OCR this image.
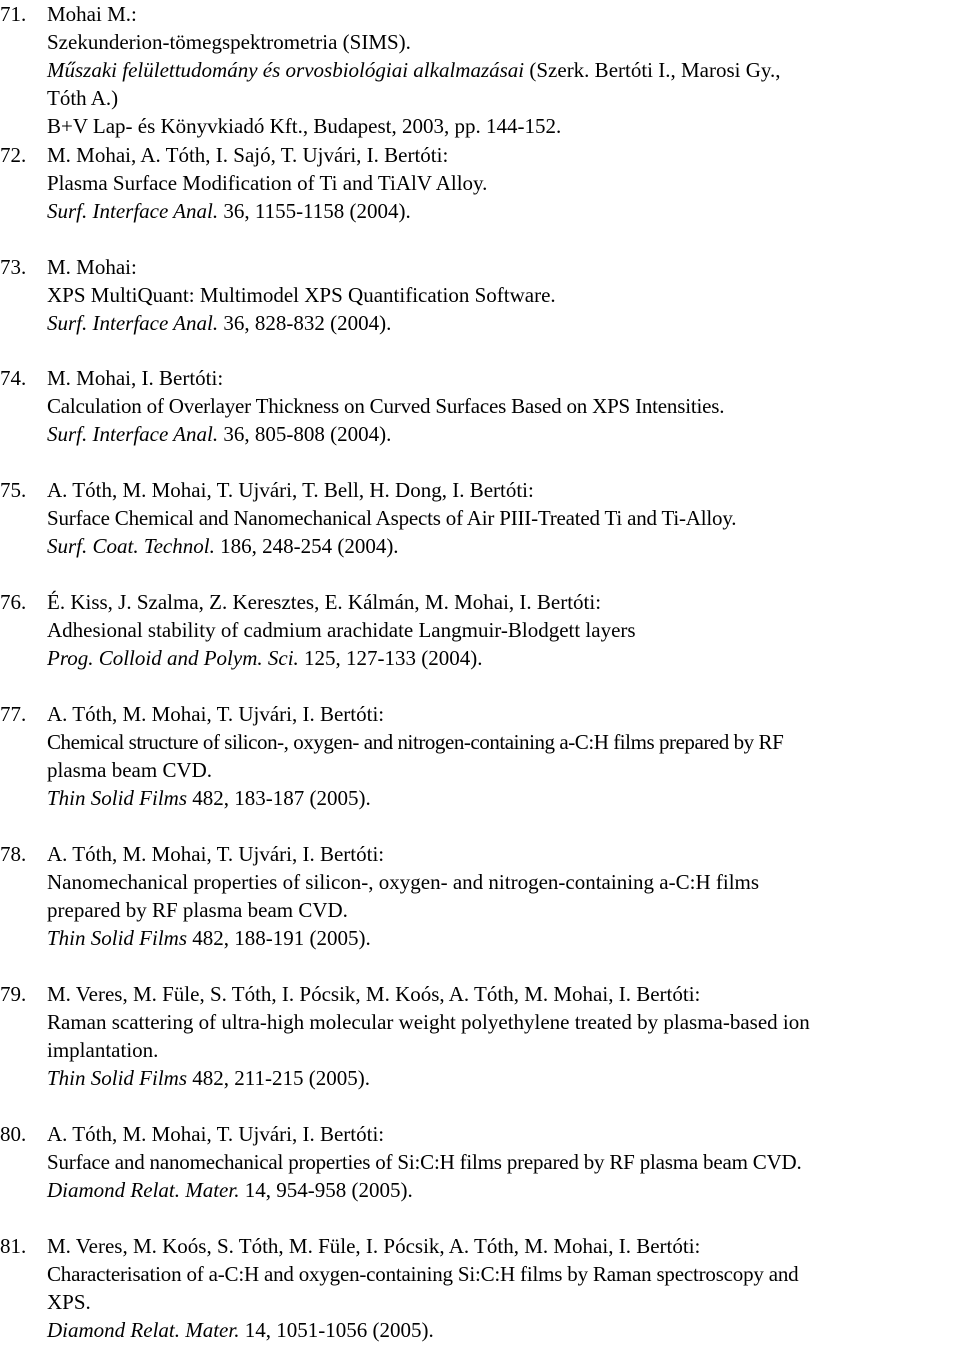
71. Mohai M.:
Szekunderion-tömegspektrometria (SIMS).
Műszaki felülettudomány és orvosbiológiai alkalmazásai (Szerk. Bertóti I., Marosi Gy.,
Tóth A.)
B+V Lap- és Könyvkiadó Kft., Budapest, 2003, pp. 144-152.
72. M. Mohai, A. Tóth, I. Sajó, T. Ujvári, I. Bertóti:
Plasma Surface Modification of Ti and TiAlV Alloy.
Surf. Interface Anal. 36, 1155-1158 (2004).
73. M. Mohai:
XPS MultiQuant: Multimodel XPS Quantification Software.
Surf. Interface Anal. 36, 828-832 (2004).
74. M. Mohai, I. Bertóti:
Calculation of Overlayer Thickness on Curved Surfaces Based on XPS Intensities.
Surf. Interface Anal. 36, 805-808 (2004).
75. A. Tóth, M. Mohai, T. Ujvári, T. Bell, H. Dong, I. Bertóti:
Surface Chemical and Nanomechanical Aspects of Air PIII-Treated Ti and Ti-Alloy.
Surf. Coat. Technol. 186, 248-254 (2004).
76. É. Kiss, J. Szalma, Z. Keresztes, E. Kálmán, M. Mohai, I. Bertóti:
Adhesional stability of cadmium arachidate Langmuir-Blodgett layers
Prog. Colloid and Polym. Sci. 125, 127-133 (2004).
77. A. Tóth, M. Mohai, T. Ujvári, I. Bertóti:
Chemical structure of silicon-, oxygen- and nitrogen-containing a-C:H films prepared by RF
plasma beam CVD.
Thin Solid Films 482, 183-187 (2005).
78. A. Tóth, M. Mohai, T. Ujvári, I. Bertóti:
Nanomechanical properties of silicon-, oxygen- and nitrogen-containing a-C:H films
prepared by RF plasma beam CVD.
Thin Solid Films 482, 188-191 (2005).
79. M. Veres, M. Füle, S. Tóth, I. Pócsik, M. Koós, A. Tóth, M. Mohai, I. Bertóti:
Raman scattering of ultra-high molecular weight polyethylene treated by plasma-based ion
implantation.
Thin Solid Films 482, 211-215 (2005).
80. A. Tóth, M. Mohai, T. Ujvári, I. Bertóti:
Surface and nanomechanical properties of Si:C:H films prepared by RF plasma beam CVD.
Diamond Relat. Mater. 14, 954-958 (2005).
81. M. Veres, M. Koós, S. Tóth, M. Füle, I. Pócsik, A. Tóth, M. Mohai, I. Bertóti:
Characterisation of a-C:H and oxygen-containing Si:C:H films by Raman spectroscopy and
XPS.
Diamond Relat. Mater. 14, 1051-1056 (2005).
